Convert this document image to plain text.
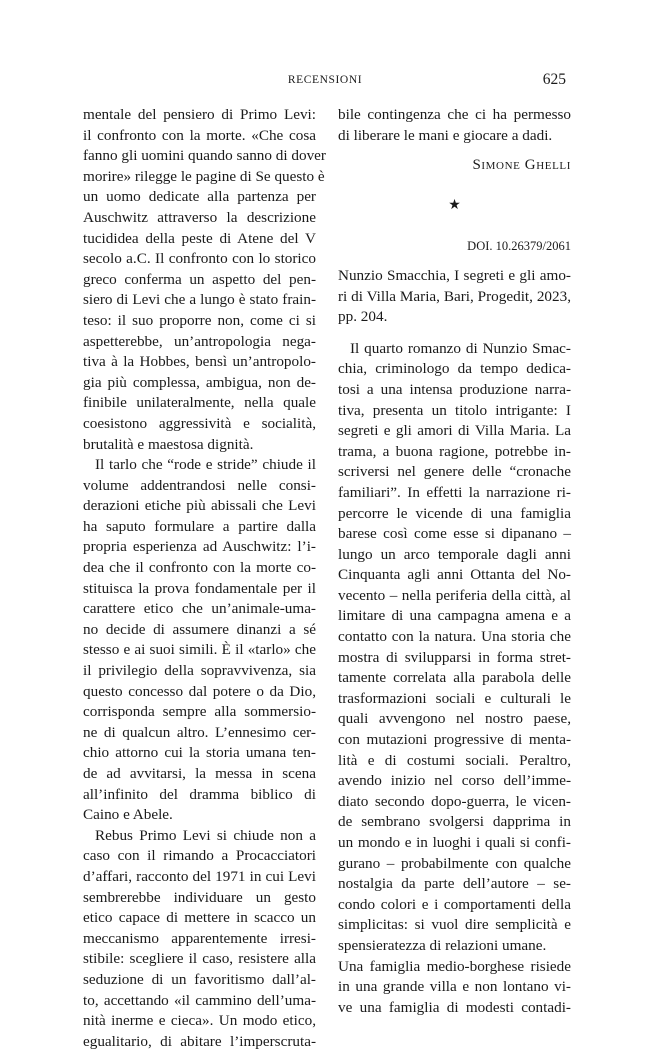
RECENSIONI	625
mentale del pensiero di Primo Levi:
il confronto con la morte. «Che cosa
fanno gli uomini quando sanno di dover
morire» rilegge le pagine di Se questo è
un uomo dedicate alla partenza per
Auschwitz attraverso la descrizione
tucididea della peste di Atene del V
secolo a.C. Il confronto con lo storico
greco conferma un aspetto del pen-
siero di Levi che a lungo è stato frain-
teso: il suo proporre non, come ci si
aspetterebbe, un’antropologia nega-
tiva à la Hobbes, bensì un’antropolo-
gia più complessa, ambigua, non de-
finibile unilateralmente, nella quale
coesistono aggressività e socialità,
brutalità e maestosa dignità.
Il tarlo che “rode e stride” chiude il
volume addentrandosi nelle consi-
derazioni etiche più abissali che Levi
ha saputo formulare a partire dalla
propria esperienza ad Auschwitz: l’i-
dea che il confronto con la morte co-
stituisca la prova fondamentale per il
carattere etico che un’animale-uma-
no decide di assumere dinanzi a sé
stesso e ai suoi simili. È il «tarlo» che
il privilegio della sopravvivenza, sia
questo concesso dal potere o da Dio,
corrisponda sempre alla sommersio-
ne di qualcun altro. L’ennesimo cer-
chio attorno cui la storia umana ten-
de ad avvitarsi, la messa in scena
all’infinito del dramma biblico di
Caino e Abele.
Rebus Primo Levi si chiude non a
caso con il rimando a Procacciatori
d’affari, racconto del 1971 in cui Levi
sembrerebbe individuare un gesto
etico capace di mettere in scacco un
meccanismo apparentemente irresi-
stibile: scegliere il caso, resistere alla
seduzione di un favoritismo dall’al-
to, accettando «il cammino dell’uma-
nità inerme e cieca». Un modo etico,
egualitario, di abitare l’imperscruta-
bile contingenza che ci ha permesso
di liberare le mani e giocare a dadi.
Simone Ghelli
★
DOI. 10.26379/2061
Nunzio Smacchia, I segreti e gli amo-
ri di Villa Maria, Bari, Progedit, 2023,
pp. 204.
Il quarto romanzo di Nunzio Smac-
chia, criminologo da tempo dedica-
tosi a una intensa produzione narra-
tiva, presenta un titolo intrigante: I
segreti e gli amori di Villa Maria. La
trama, a buona ragione, potrebbe in-
scriversi nel genere delle “cronache
familiari”. In effetti la narrazione ri-
percorre le vicende di una famiglia
barese così come esse si dipanano –
lungo un arco temporale dagli anni
Cinquanta agli anni Ottanta del No-
vecento – nella periferia della città, al
limitare di una campagna amena e a
contatto con la natura. Una storia che
mostra di svilupparsi in forma stret-
tamente correlata alla parabola delle
trasformazioni sociali e culturali le
quali avvengono nel nostro paese,
con mutazioni progressive di menta-
lità e di costumi sociali. Peraltro,
avendo inizio nel corso dell’imme-
diato secondo dopo-guerra, le vicen-
de sembrano svolgersi dapprima in
un mondo e in luoghi i quali si confi-
gurano – probabilmente con qualche
nostalgia da parte dell’autore – se-
condo colori e i comportamenti della
simplicitas: si vuol dire semplicità e
spensieratezza di relazioni umane.
Una famiglia medio-borghese risiede
in una grande villa e non lontano vi-
ve una famiglia di modesti contadi-
